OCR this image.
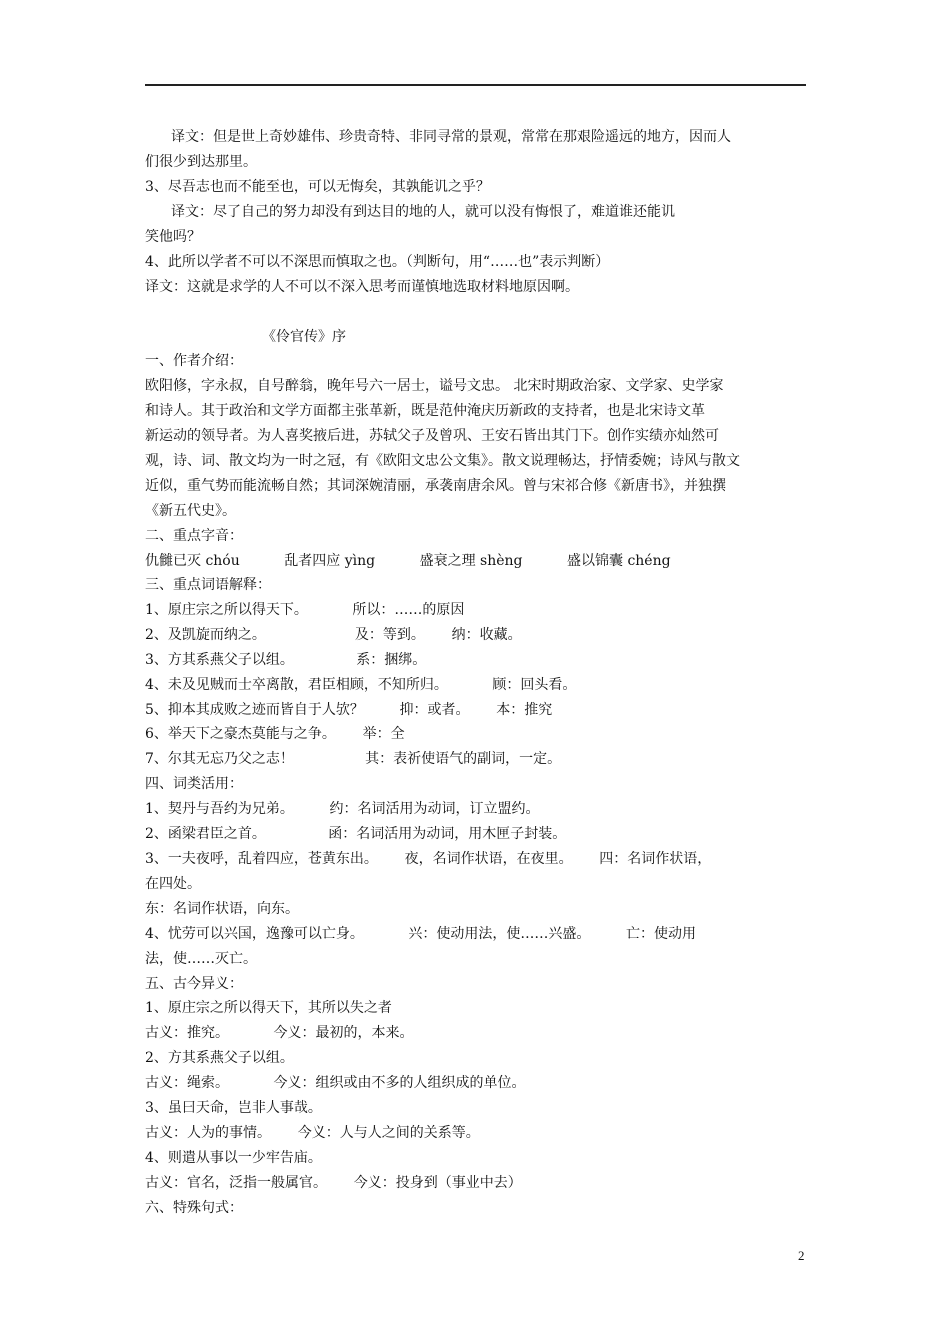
译文：但是世上奇妙雄伟、珍贵奇特、非同寻常的景观，常常在那艰险遥远的地方，因而人
们很少到达那里。
3、尽吾志也而不能至也，可以无悔矣，其孰能讥之乎？
译文：尽了自己的努力却没有到达目的地的人，就可以没有悔恨了，难道谁还能讥
笑他吗？
4、此所以学者不可以不深思而慎取之也。（判断句，用“……也”表示判断）
译文：这就是求学的人不可以不深入思考而谨慎地选取材料地原因啊。
《伶官传》序
一、作者介绍：
欧阳修，字永叔，自号醉翁，晚年号六一居士，谥号文忠。 北宋时期政治家、文学家、史学家
和诗人。其于政治和文学方面都主张革新，既是范仲淹庆历新政的支持者，也是北宋诗文革
新运动的领导者。为人喜奖掖后进，苏轼父子及曾巩、王安石皆出其门下。创作实绩亦灿然可
观，诗、词、散文均为一时之冠，有《欧阳文忠公文集》。散文说理畅达，抒情委婉；诗风与散文
近似，重气势而能流畅自然；其词深婉清丽，承袭南唐余风。曾与宋祁合修《新唐书》，并独撰
《新五代史》。
二、重点字音：
仇雠已灭 chóu          乱者四应 yìng          盛衰之理 shèng          盛以锦囊 chéng
三、重点词语解释：
1、原庄宗之所以得天下。          所以：……的原因
2、及凯旋而纳之。                    及：等到。      纳：收藏。
3、方其系燕父子以组。              系：捆绑。
4、未及见贼而士卒离散，君臣相顾，不知所归。          顾：回头看。
5、抑本其成败之迹而皆自于人欤？        抑：或者。      本：推究
6、举天下之豪杰莫能与之争。      举：全
7、尔其无忘乃父之志！                其：表祈使语气的副词，一定。
四、词类活用：
1、契丹与吾约为兄弟。        约：名词活用为动词，订立盟约。
2、函梁君臣之首。              函：名词活用为动词，用木匣子封装。
3、一夫夜呼，乱着四应，苍黄东出。      夜，名词作状语，在夜里。      四：名词作状语，
在四处。
东：名词作状语，向东。
4、忧劳可以兴国，逸豫可以亡身。          兴：使动用法，使……兴盛。        亡：使动用
法，使……灭亡。
五、古今异义：
1、原庄宗之所以得天下，其所以失之者
古义：推究。          今义：最初的，本来。
2、方其系燕父子以组。
古义：绳索。          今义：组织或由不多的人组织成的单位。
3、虽曰天命，岂非人事哉。
古义：人为的事情。      今义：人与人之间的关系等。
4、则遣从事以一少牢告庙。
古义：官名，泛指一般属官。      今义：投身到（事业中去）
六、特殊句式：
2
